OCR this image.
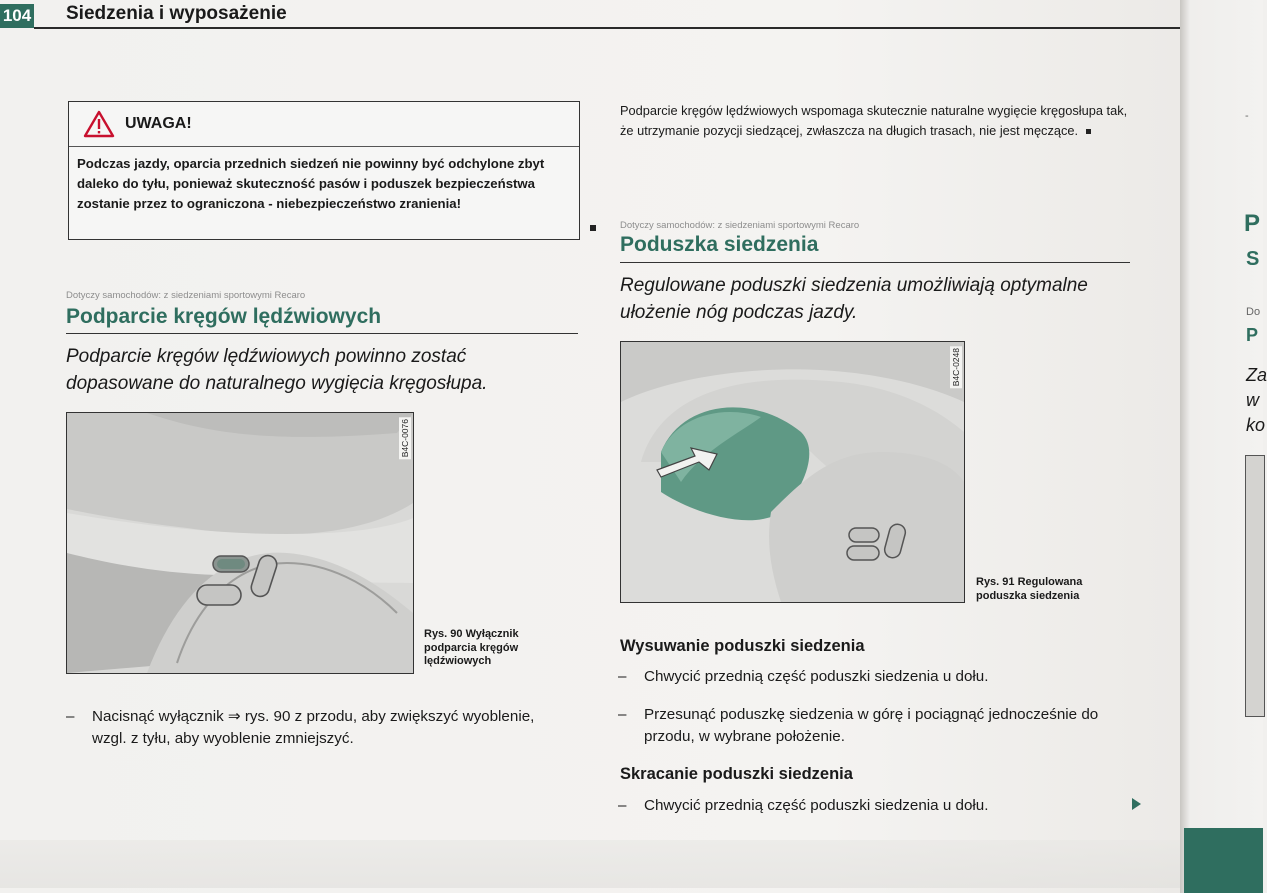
104 Siedzenia i wyposażenie
UWAGA!
Podczas jazdy, oparcia przednich siedzeń nie powinny być odchylone zbyt daleko do tyłu, ponieważ skuteczność pasów i poduszek bezpieczeństwa zostanie przez to ograniczona - niebezpieczeństwo zranienia!
Dotyczy samochodów: z siedzeniami sportowymi Recaro
Podparcie kręgów lędźwiowych
Podparcie kręgów lędźwiowych powinno zostać dopasowane do naturalnego wygięcia kręgosłupa.
B4C-0076
Rys. 90 Wyłącznik podparcia kręgów lędźwiowych
– Nacisnąć wyłącznik ⇒ rys. 90 z przodu, aby zwiększyć wyoblenie, wzgl. z tyłu, aby wyoblenie zmniejszyć.
Podparcie kręgów lędźwiowych wspomaga skutecznie naturalne wygięcie kręgosłupa tak, że utrzymanie pozycji siedzącej, zwłaszcza na długich trasach, nie jest męczące.
Dotyczy samochodów: z siedzeniami sportowymi Recaro
Poduszka siedzenia
Regulowane poduszki siedzenia umożliwiają optymalne ułożenie nóg podczas jazdy.
B4C-0248
Rys. 91 Regulowana poduszka siedzenia
Wysuwanie poduszki siedzenia
– Chwycić przednią część poduszki siedzenia u dołu.
– Przesunąć poduszkę siedzenia w górę i pociągnąć jednocześnie do przodu, w wybrane położenie.
Skracanie poduszki siedzenia
– Chwycić przednią część poduszki siedzenia u dołu.
-
P
S
Do
P
Za
w
ko
